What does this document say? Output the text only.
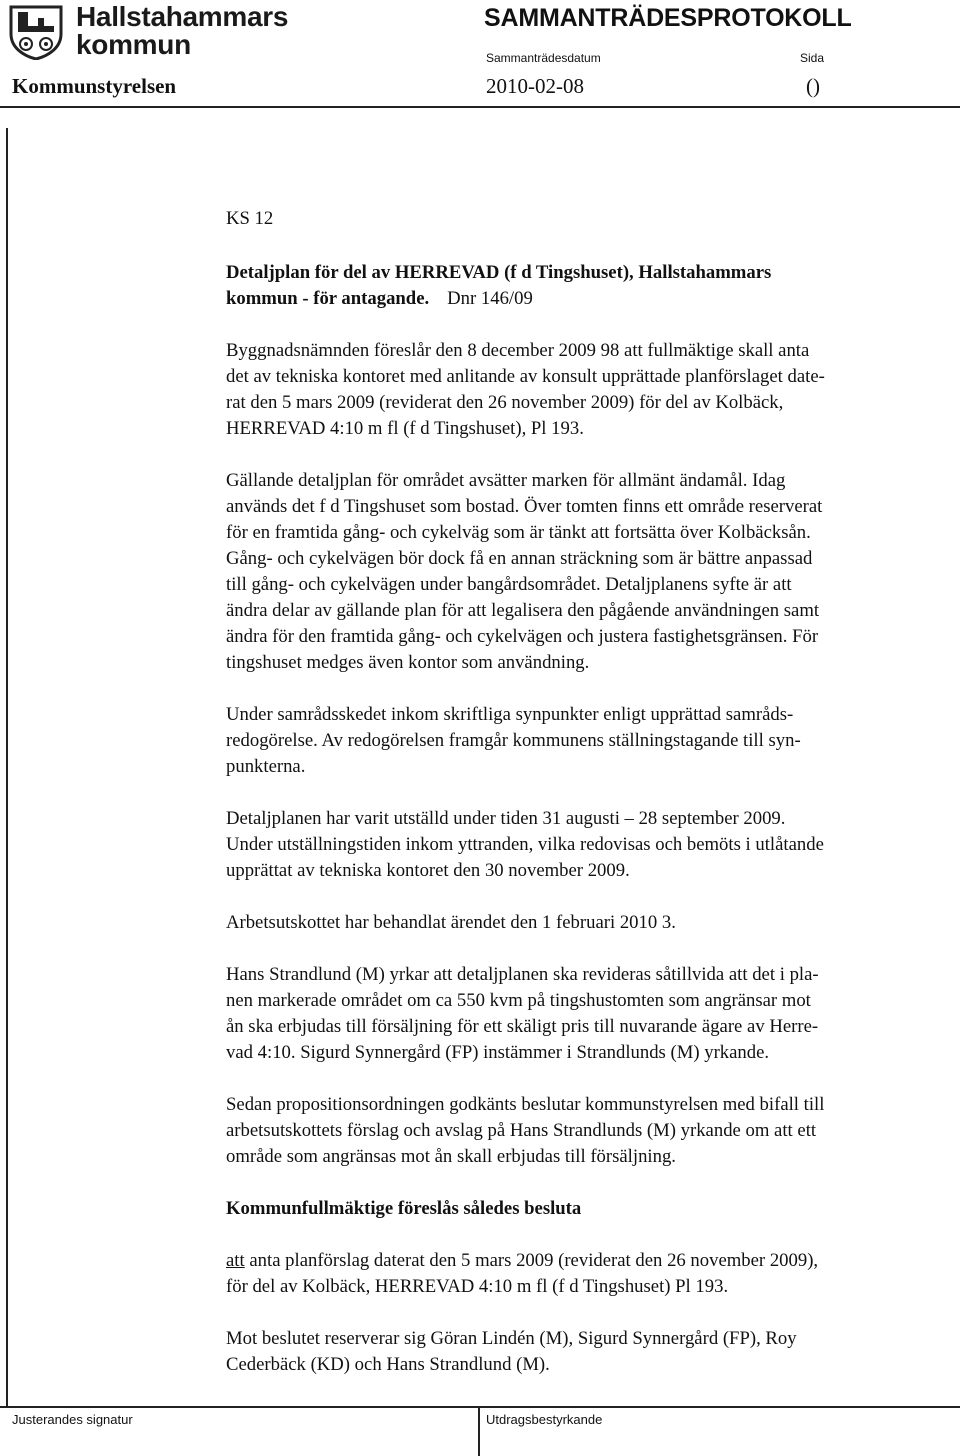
Hallstahammars
kommun
SAMMANTRÄDESPROTOKOLL
Sammanträdesdatum	Sida
Kommunstyrelsen	2010-02-08	()
KS 12
Detaljplan för del av HERREVAD (f d Tingshuset), Hallstahammars
kommun - för antagande. Dnr 146/09
Byggnadsnämnden föreslår den 8 december 2009 98 att fullmäktige skall anta
det av tekniska kontoret med anlitande av konsult upprättade planförslaget date-
rat den 5 mars 2009 (reviderat den 26 november 2009) för del av Kolbäck,
HERREVAD 4:10 m fl (f d Tingshuset), Pl 193.
Gällande detaljplan för området avsätter marken för allmänt ändamål. Idag
används det f d Tingshuset som bostad. Över tomten finns ett område reserverat
för en framtida gång- och cykelväg som är tänkt att fortsätta över Kolbäcksån.
Gång- och cykelvägen bör dock få en annan sträckning som är bättre anpassad
till gång- och cykelvägen under bangårdsområdet. Detaljplanens syfte är att
ändra delar av gällande plan för att legalisera den pågående användningen samt
ändra för den framtida gång- och cykelvägen och justera fastighetsgränsen. För
tingshuset medges även kontor som användning.
Under samrådsskedet inkom skriftliga synpunkter enligt upprättad samråds-
redogörelse. Av redogörelsen framgår kommunens ställningstagande till syn-
punkterna.
Detaljplanen har varit utställd under tiden 31 augusti – 28 september 2009.
Under utställningstiden inkom yttranden, vilka redovisas och bemöts i utlåtande
upprättat av tekniska kontoret den 30 november 2009.
Arbetsutskottet har behandlat ärendet den 1 februari 2010 3.
Hans Strandlund (M) yrkar att detaljplanen ska revideras såtillvida att det i pla-
nen markerade området om ca 550 kvm på tingshustomten som angränsar mot
ån ska erbjudas till försäljning för ett skäligt pris till nuvarande ägare av Herre-
vad 4:10. Sigurd Synnergård (FP) instämmer i Strandlunds (M) yrkande.
Sedan propositionsordningen godkänts beslutar kommunstyrelsen med bifall till
arbetsutskottets förslag och avslag på Hans Strandlunds (M) yrkande om att ett
område som angränsas mot ån skall erbjudas till försäljning.
Kommunfullmäktige föreslås således besluta
att anta planförslag daterat den 5 mars 2009 (reviderat den 26 november 2009),
för del av Kolbäck, HERREVAD 4:10 m fl (f d Tingshuset) Pl 193.
Mot beslutet reserverar sig Göran Lindén (M), Sigurd Synnergård (FP), Roy
Cederbäck (KD) och Hans Strandlund (M).
Justerandes signatur	Utdragsbestyrkande
